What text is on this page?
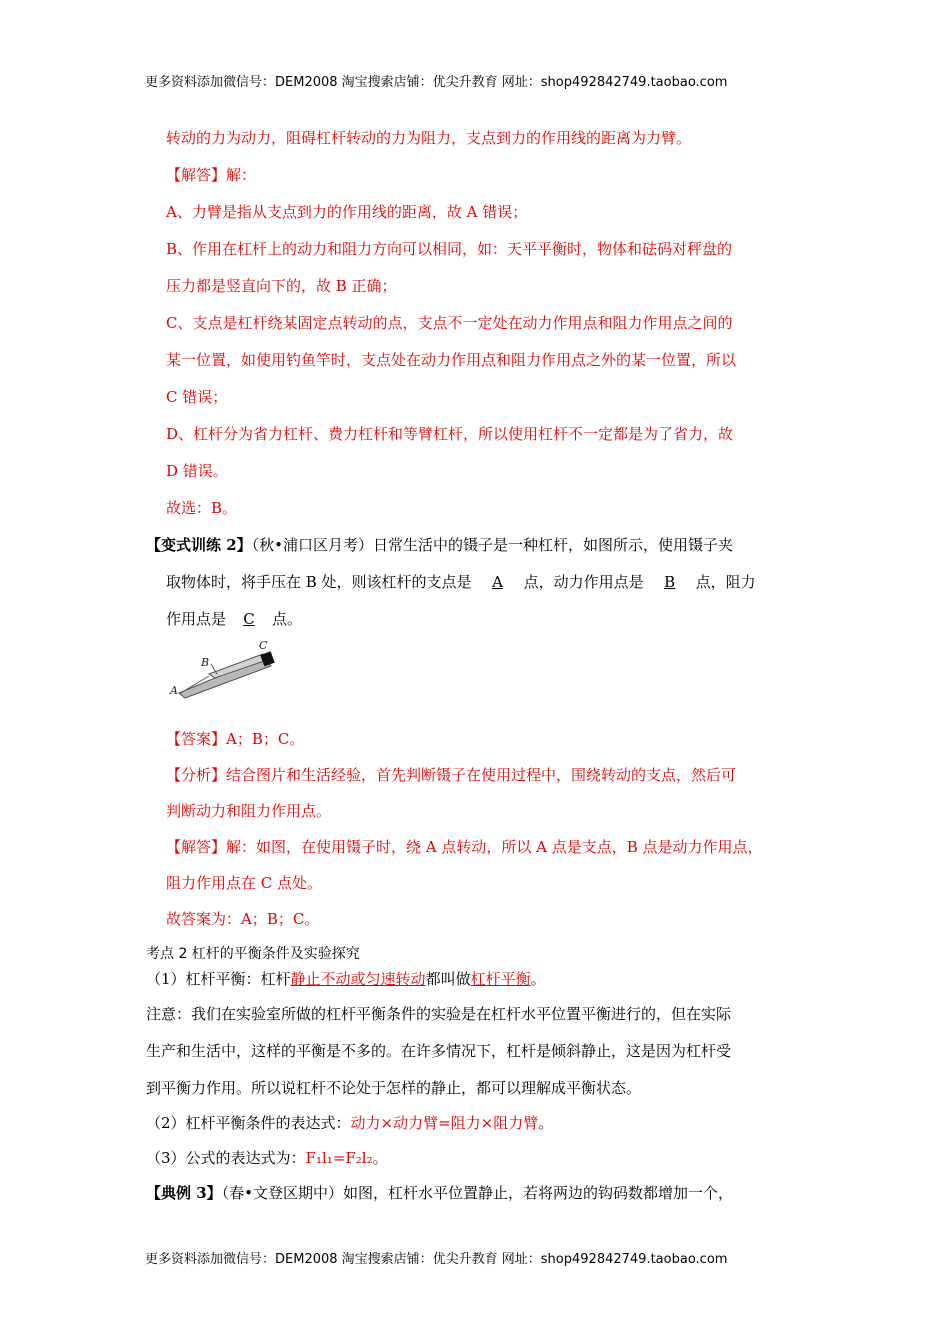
更多资料添加微信号：DEM2008 淘宝搜索店铺：优尖升教育 网址：shop492842749.taobao.com
转动的力为动力，阻碍杠杆转动的力为阻力，支点到力的作用线的距离为力臂。
【解答】解：
A、力臂是指从支点到力的作用线的距离，故 A 错误；
B、作用在杠杆上的动力和阻力方向可以相同，如：天平平衡时，物体和砝码对秤盘的
压力都是竖直向下的，故 B 正确；
C、支点是杠杆绕某固定点转动的点，支点不一定处在动力作用点和阻力作用点之间的
某一位置，如使用钓鱼竿时，支点处在动力作用点和阻力作用点之外的某一位置，所以
C 错误；
D、杠杆分为省力杠杆、费力杠杆和等臂杠杆，所以使用杠杆不一定都是为了省力，故
D 错误。
故选：B。
【变式训练 2】（秋•浦口区月考）日常生活中的镊子是一种杠杆，如图所示，使用镊子夹
取物体时，将手压在 B 处，则该杠杆的支点是 A 点，动力作用点是 B 点，阻力
作用点是 C 点。
A
B
C
【答案】A；B；C。
【分析】结合图片和生活经验，首先判断镊子在使用过程中，围绕转动的支点，然后可
判断动力和阻力作用点。
【解答】解：如图，在使用镊子时，绕 A 点转动，所以 A 点是支点，B 点是动力作用点，
阻力作用点在 C 点处。
故答案为：A；B；C。
考点 2 杠杆的平衡条件及实验探究
（1）杠杆平衡：杠杆静止不动或匀速转动都叫做杠杆平衡。
注意：我们在实验室所做的杠杆平衡条件的实验是在杠杆水平位置平衡进行的，但在实际
生产和生活中，这样的平衡是不多的。在许多情况下，杠杆是倾斜静止，这是因为杠杆受
到平衡力作用。所以说杠杆不论处于怎样的静止，都可以理解成平衡状态。
（2）杠杆平衡条件的表达式：动力×动力臂=阻力×阻力臂。
（3）公式的表达式为：F₁l₁=F₂l₂。
【典例 3】（春•文登区期中）如图，杠杆水平位置静止，若将两边的钩码数都增加一个，
更多资料添加微信号：DEM2008 淘宝搜索店铺：优尖升教育 网址：shop492842749.taobao.com
